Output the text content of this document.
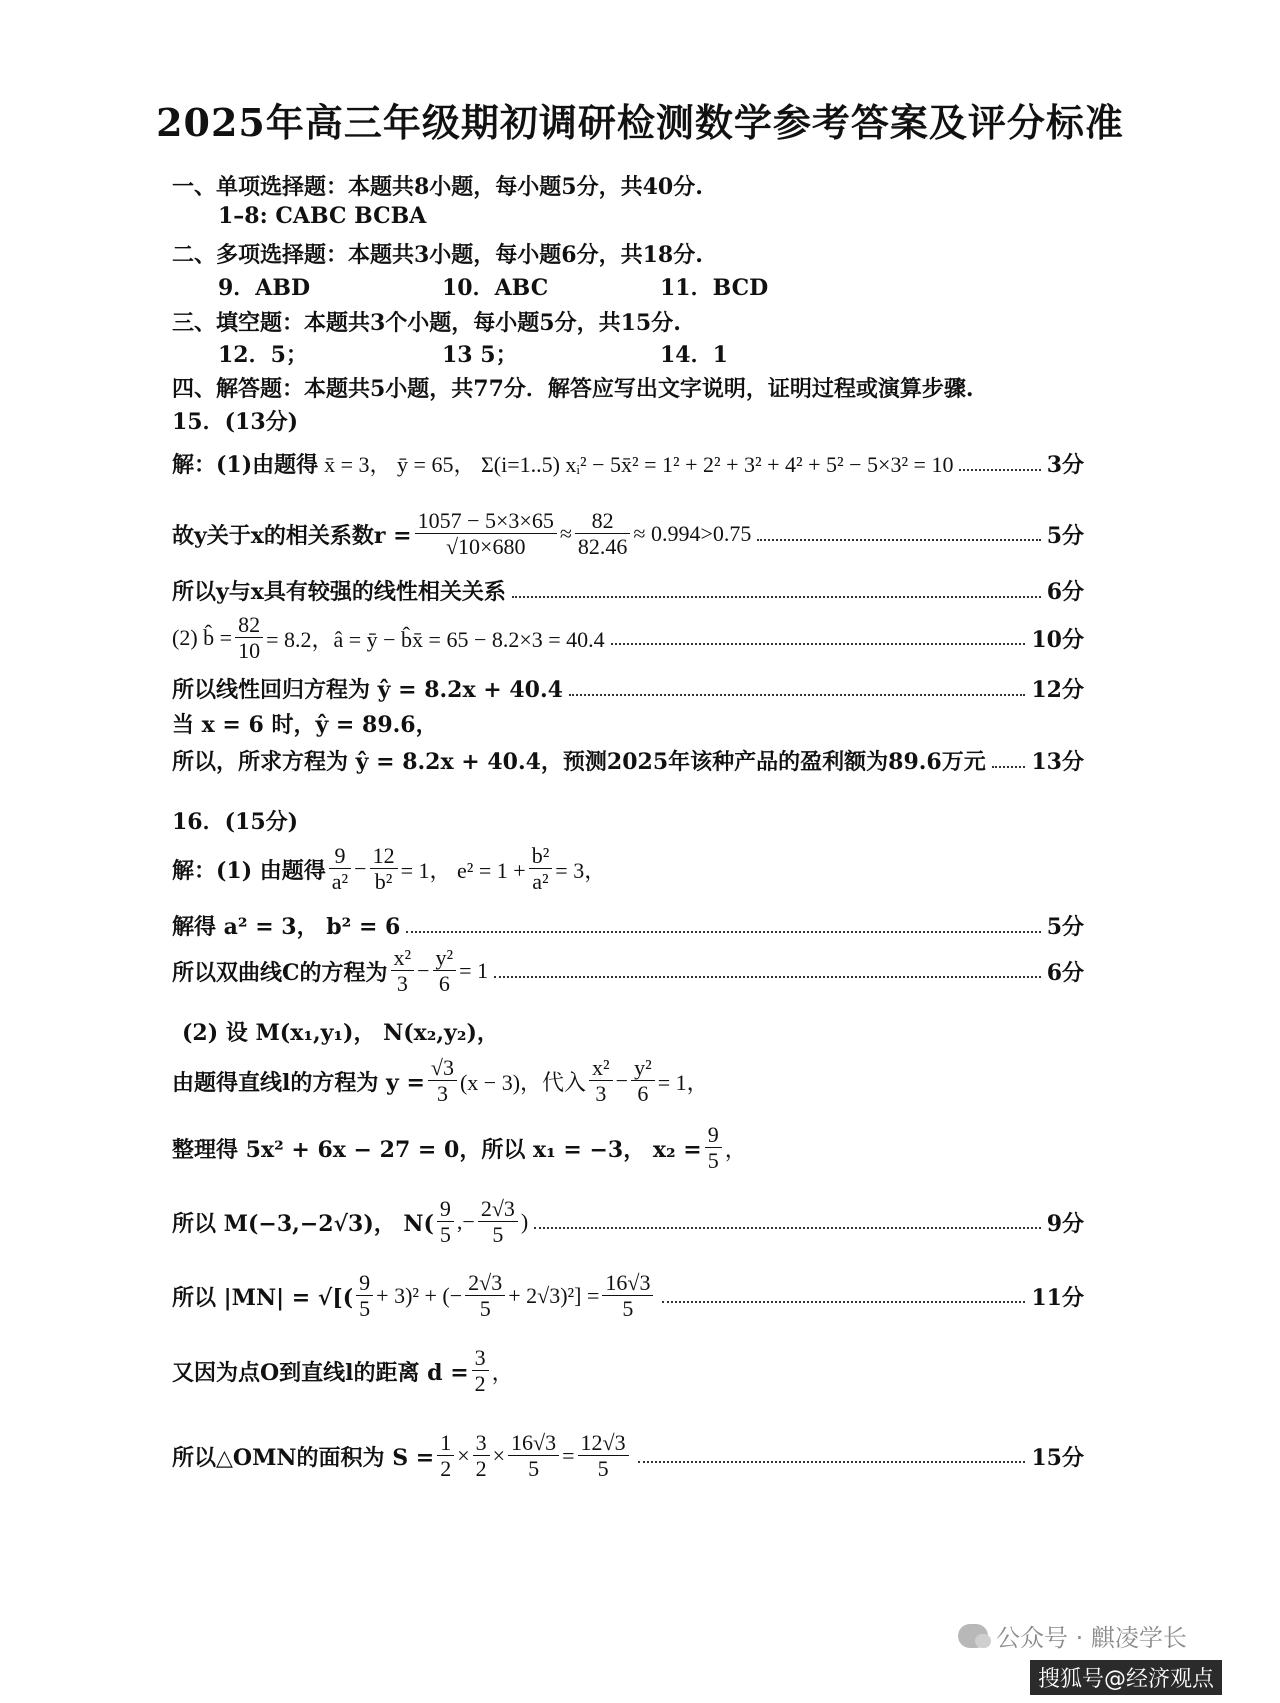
2025年高三年级期初调研检测数学参考答案及评分标准
一、单项选择题：本题共8小题，每小题5分，共40分.
1–8: CABC BCBA
二、多项选择题：本题共3小题，每小题6分，共18分.
9．ABD	10．ABC	11．BCD
三、填空题：本题共3个小题，每小题5分，共15分.
12．5；	13 5；	14．1
四、解答题：本题共5小题，共77分．解答应写出文字说明，证明过程或演算步骤.
15．(13分)
解：(1)由题得 x̄ = 3， ȳ = 65， Σ(i=1..5) xᵢ² − 5x̄² = 1² + 2² + 3² + 4² + 5² − 5×3² = 10	3分
故y关于x的相关系数$r = \frac{1057 - 5\times 3\times 65}{√10\times 680} \approx \frac{82}{82.46} \approx 0.994>0.75$	5分
所以y与x具有较强的线性相关关系	6分
(2) b̂ = $\frac{82}{10} = 8.2$，â = ȳ − b̂x̄ = 65 − 8.2×3 = 40.4	10分
所以线性回归方程为 ŷ = 8.2x + 40.4	12分
当 x = 6 时，ŷ = 89.6，
所以，所求方程为 ŷ = 8.2x + 40.4，预测2025年该种产品的盈利额为89.6万元 13分
16．(15分)
解：(1) 由题得 $\frac{9}{\text{a²}} - \frac{12}{\text{b²}} = 1$， $e^2 = 1 + \frac{\text{b²}}{\text{a²}} = 3$，
解得 a² = 3， b² = 6	5分
所以双曲线C的方程为 $\frac{\text{x²}}{3} - \frac{\text{y²}}{6} = 1$	6分
(2) 设 M(x₁,y₁)， N(x₂,y₂)，
由题得直线l的方程为 $y = \frac{√3}{3} (x - 3)$，代入 $\frac{\text{x²}}{3} - \frac{\text{y²}}{6} = 1$，
整理得 5x² + 6x − 27 = 0，所以 x₁ = −3， $x_2 = \frac{9}{5}$ ，
所以 M(−3,−2√3)， $N( \frac{9}{5}$ ,− $\frac{2√3}{5}$ )	9分
所以 |MN| = √[( $\frac{9}{5} + 3)^2$ + (− $\frac{2√3}{5} + 2√3)^2] = \frac{16√3}{5}$	11分
又因为点O到直线l的距离 $d = \frac{3}{2}$ ，
所以△OMN的面积为 $S = \frac{1}{2} \times \frac{3}{2} \times \frac{16√3}{5} = \frac{12√3}{5}$	15分
公众号 · 麒凌学长
搜狐号@经济观点
